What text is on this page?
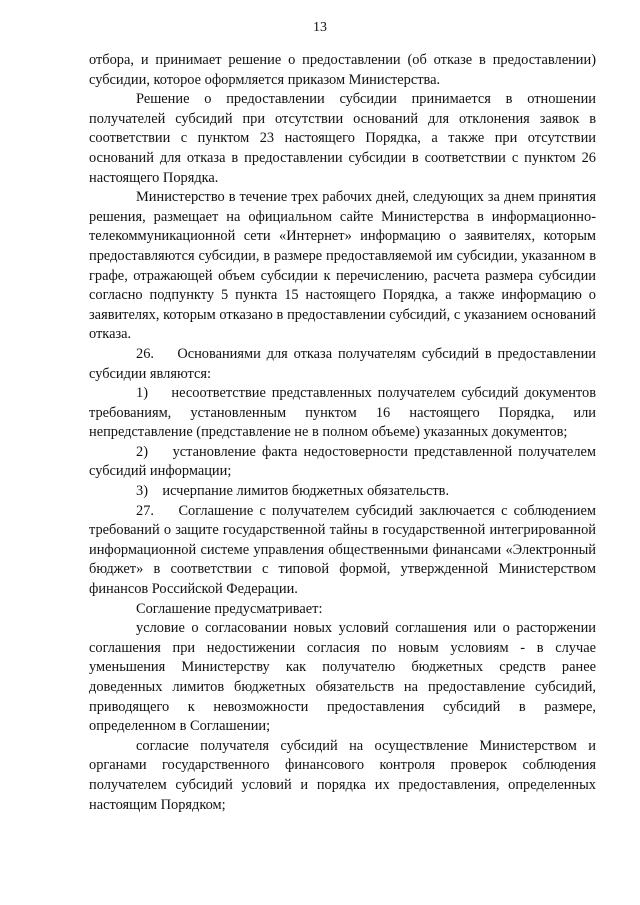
13

отбора, и принимает решение о предоставлении (об отказе в предоставлении) субсидии, которое оформляется приказом Министерства.

Решение о предоставлении субсидии принимается в отношении получателей субсидий при отсутствии оснований для отклонения заявок в соответствии с пунктом 23 настоящего Порядка, а также при отсутствии оснований для отказа в предоставлении субсидии в соответствии с пунктом 26 настоящего Порядка.

Министерство в течение трех рабочих дней, следующих за днем принятия решения, размещает на официальном сайте Министерства в информационно-телекоммуникационной сети «Интернет» информацию о заявителях, которым предоставляются субсидии, в размере предоставляемой им субсидии, указанном в графе, отражающей объем субсидии к перечислению, расчета размера субсидии согласно подпункту 5 пункта 15 настоящего Порядка, а также информацию о заявителях, которым отказано в предоставлении субсидий, с указанием оснований отказа.

26.    Основаниями для отказа получателям субсидий в предоставлении субсидии являются:

1)    несоответствие представленных получателем субсидий документов требованиям, установленным пунктом 16 настоящего Порядка, или непредставление (представление не в полном объеме) указанных документов;

2)    установление факта недостоверности представленной получателем субсидий информации;

3)    исчерпание лимитов бюджетных обязательств.

27.    Соглашение с получателем субсидий заключается с соблюдением требований о защите государственной тайны в государственной интегрированной информационной системе управления общественными финансами «Электронный бюджет» в соответствии с типовой формой, утвержденной Министерством финансов Российской Федерации.

Соглашение предусматривает:

условие о согласовании новых условий соглашения или о расторжении соглашения при недостижении согласия по новым условиям - в случае уменьшения Министерству как получателю бюджетных средств ранее доведенных лимитов бюджетных обязательств на предоставление субсидий, приводящего к невозможности предоставления субсидий в размере, определенном в Соглашении;

согласие получателя субсидий на осуществление Министерством и органами государственного финансового контроля проверок соблюдения получателем субсидий условий и порядка их предоставления, определенных настоящим Порядком;
